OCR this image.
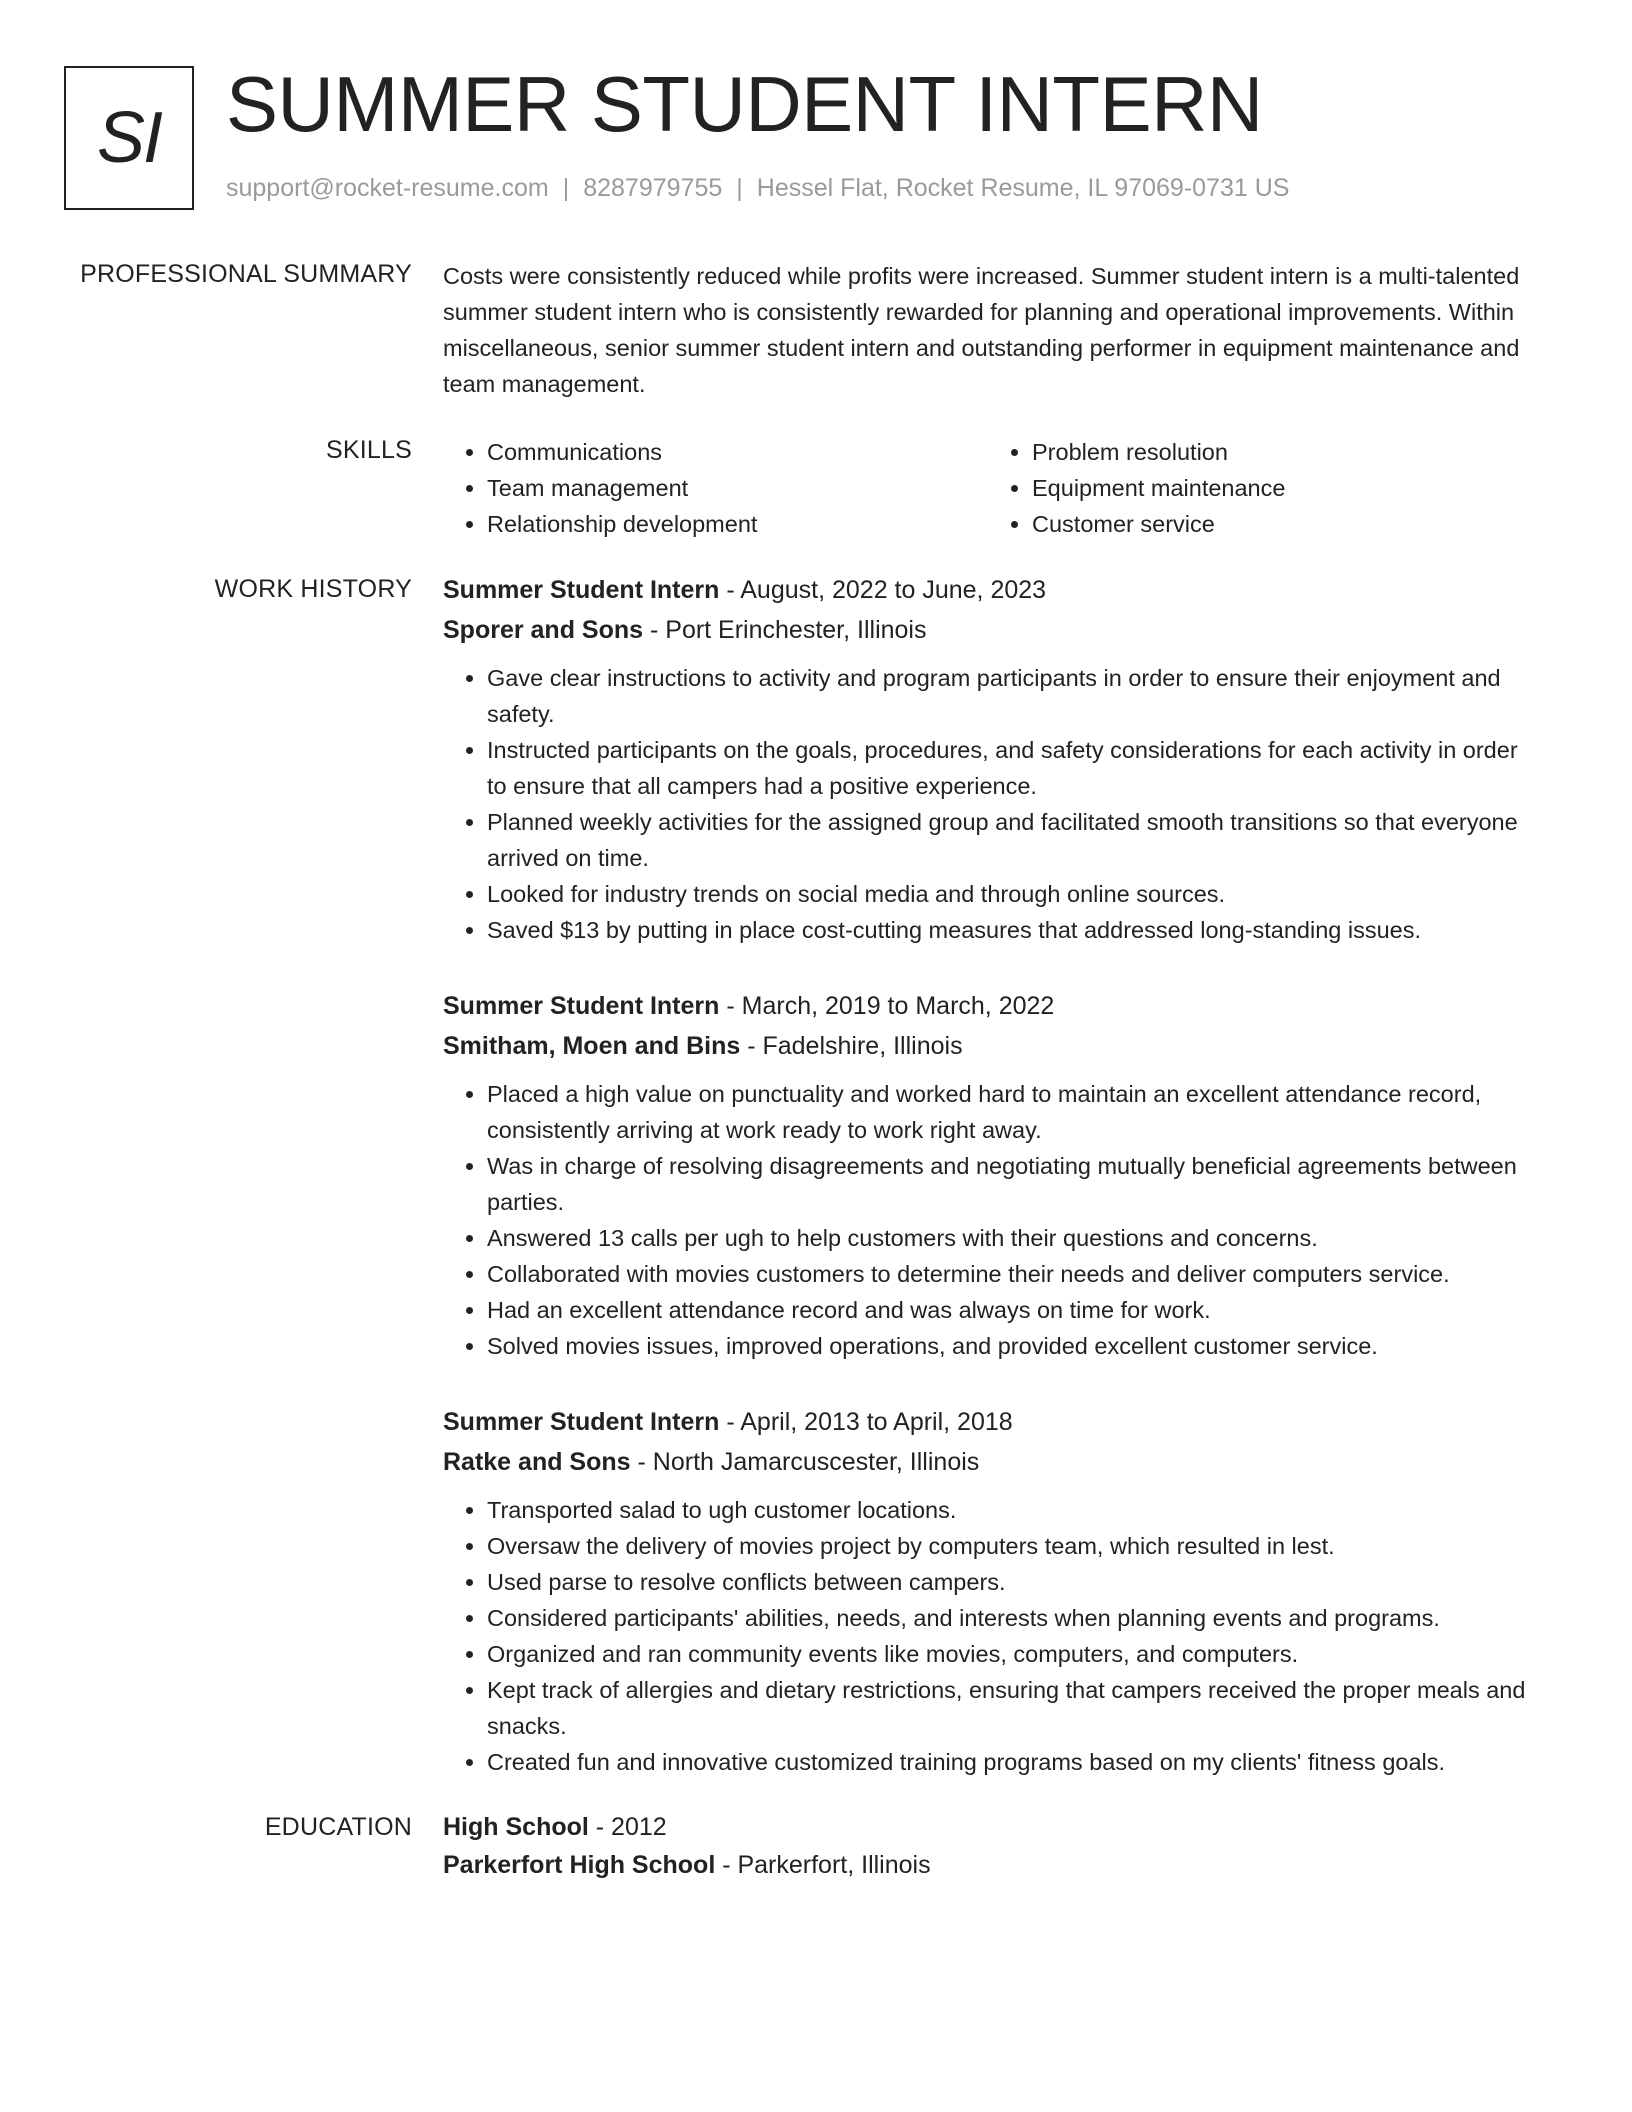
SI SUMMER STUDENT INTERN
support@rocket-resume.com | 8287979755 | Hessel Flat, Rocket Resume, IL 97069-0731 US
PROFESSIONAL SUMMARY Costs were consistently reduced while profits were increased. Summer student intern is a multi-talented summer student intern who is consistently rewarded for planning and operational improvements. Within miscellaneous, senior summer student intern and outstanding performer in equipment maintenance and team management.

SKILLS
•	Communications
• Team management
• Relationship development
• Problem resolution
• Equipment maintenance
• Customer service
WORK HISTORY Summer Student Intern - August, 2022 to June, 2023
Sporer and Sons - Port Erinchester, Illinois
• Gave clear instructions to activity and program participants in order to ensure their enjoyment and safety.
• Instructed participants on the goals, procedures, and safety considerations for each activity in order to ensure that all campers had a positive experience.
• Planned weekly activities for the assigned group and facilitated smooth transitions so that everyone arrived on time.
• Looked for industry trends on social media and through online sources.
• Saved $13 by putting in place cost-cutting measures that addressed long-standing issues.
Summer Student Intern - March, 2019 to March, 2022
Smitham, Moen and Bins - Fadelshire, Illinois
• Placed a high value on punctuality and worked hard to maintain an excellent attendance record, consistently arriving at work ready to work right away.
• Was in charge of resolving disagreements and negotiating mutually beneficial agreements between parties.
• Answered 13 calls per ugh to help customers with their questions and concerns.
• Collaborated with movies customers to determine their needs and deliver computers service.
• Had an excellent attendance record and was always on time for work.
• Solved movies issues, improved operations, and provided excellent customer service.
Summer Student Intern - April, 2013 to April, 2018
Ratke and Sons - North Jamarcuscester, Illinois
• Transported salad to ugh customer locations.
• Oversaw the delivery of movies project by computers team, which resulted in lest.
• Used parse to resolve conflicts between campers.
• Considered participants' abilities, needs, and interests when planning events and programs.
• Organized and ran community events like movies, computers, and computers.
• Kept track of allergies and dietary restrictions, ensuring that campers received the proper meals and snacks.
• Created fun and innovative customized training programs based on my clients' fitness goals.
EDUCATION High School - 2012
Parkerfort High School - Parkerfort, Illinois
